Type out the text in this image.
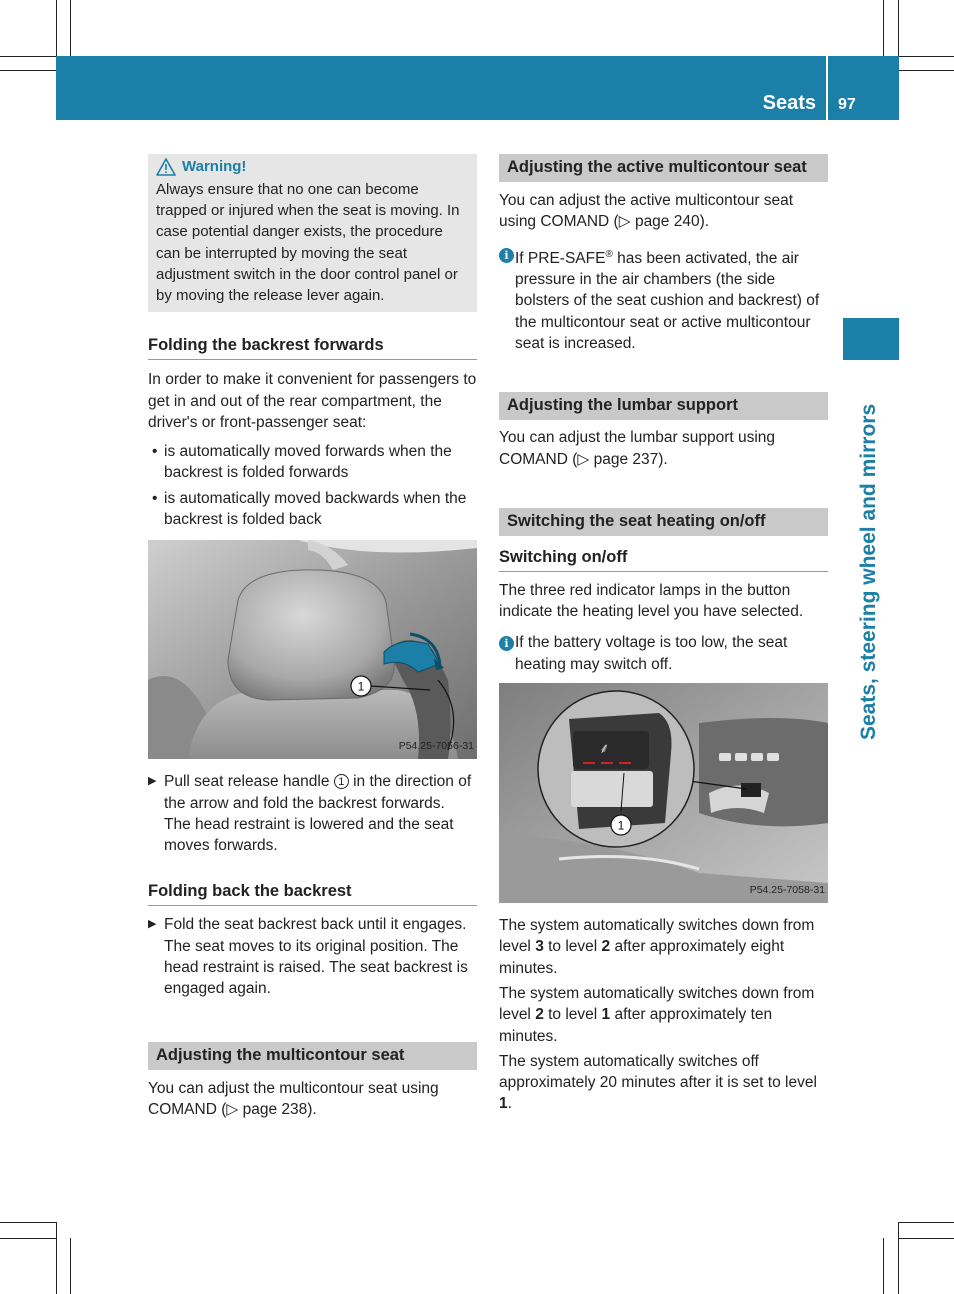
Seats 97
Seats, steering wheel and mirrors
Warning!

Always ensure that no one can become trapped or injured when the seat is moving. In case potential danger exists, the procedure can be interrupted by moving the seat adjustment switch in the door control panel or by moving the release lever again.

Folding the backrest forwards

In order to make it convenient for passengers to get in and out of the rear compartment, the driver's or front-passenger seat:

• is automatically moved forwards when the backrest is folded forwards
• is automatically moved backwards when the backrest is folded back
1
P54.25-7056-31
▶ Pull seat release handle 1 in the direction of the arrow and fold the backrest forwards.

The head restraint is lowered and the seat moves forwards.

Folding back the backrest
▶ Fold the seat backrest back until it engages.

The seat moves to its original position. The head restraint is raised. The seat backrest is engaged again.

Adjusting the multicontour seat

You can adjust the multicontour seat using COMAND (▷ page 238).

Adjusting the active multicontour seat

You can adjust the active multicontour seat using COMAND (▷ page 240).

i If PRE-SAFE® has been activated, the air pressure in the air chambers (the side bolsters of the seat cushion and backrest) of the multicontour seat or active multicontour seat is increased.
Adjusting the lumbar support

You can adjust the lumbar support using COMAND (▷ page 237).

Switching the seat heating on/off
Switching on/off

The three red indicator lamps in the button indicate the heating level you have selected.

i If the battery voltage is too low, the seat heating may switch off.
⸙
1
P54.25-7058-31

The system automatically switches down from level 3 to level 2 after approximately eight minutes.

The system automatically switches down from level 2 to level 1 after approximately ten minutes.

The system automatically switches off approximately 20 minutes after it is set to level 1.
